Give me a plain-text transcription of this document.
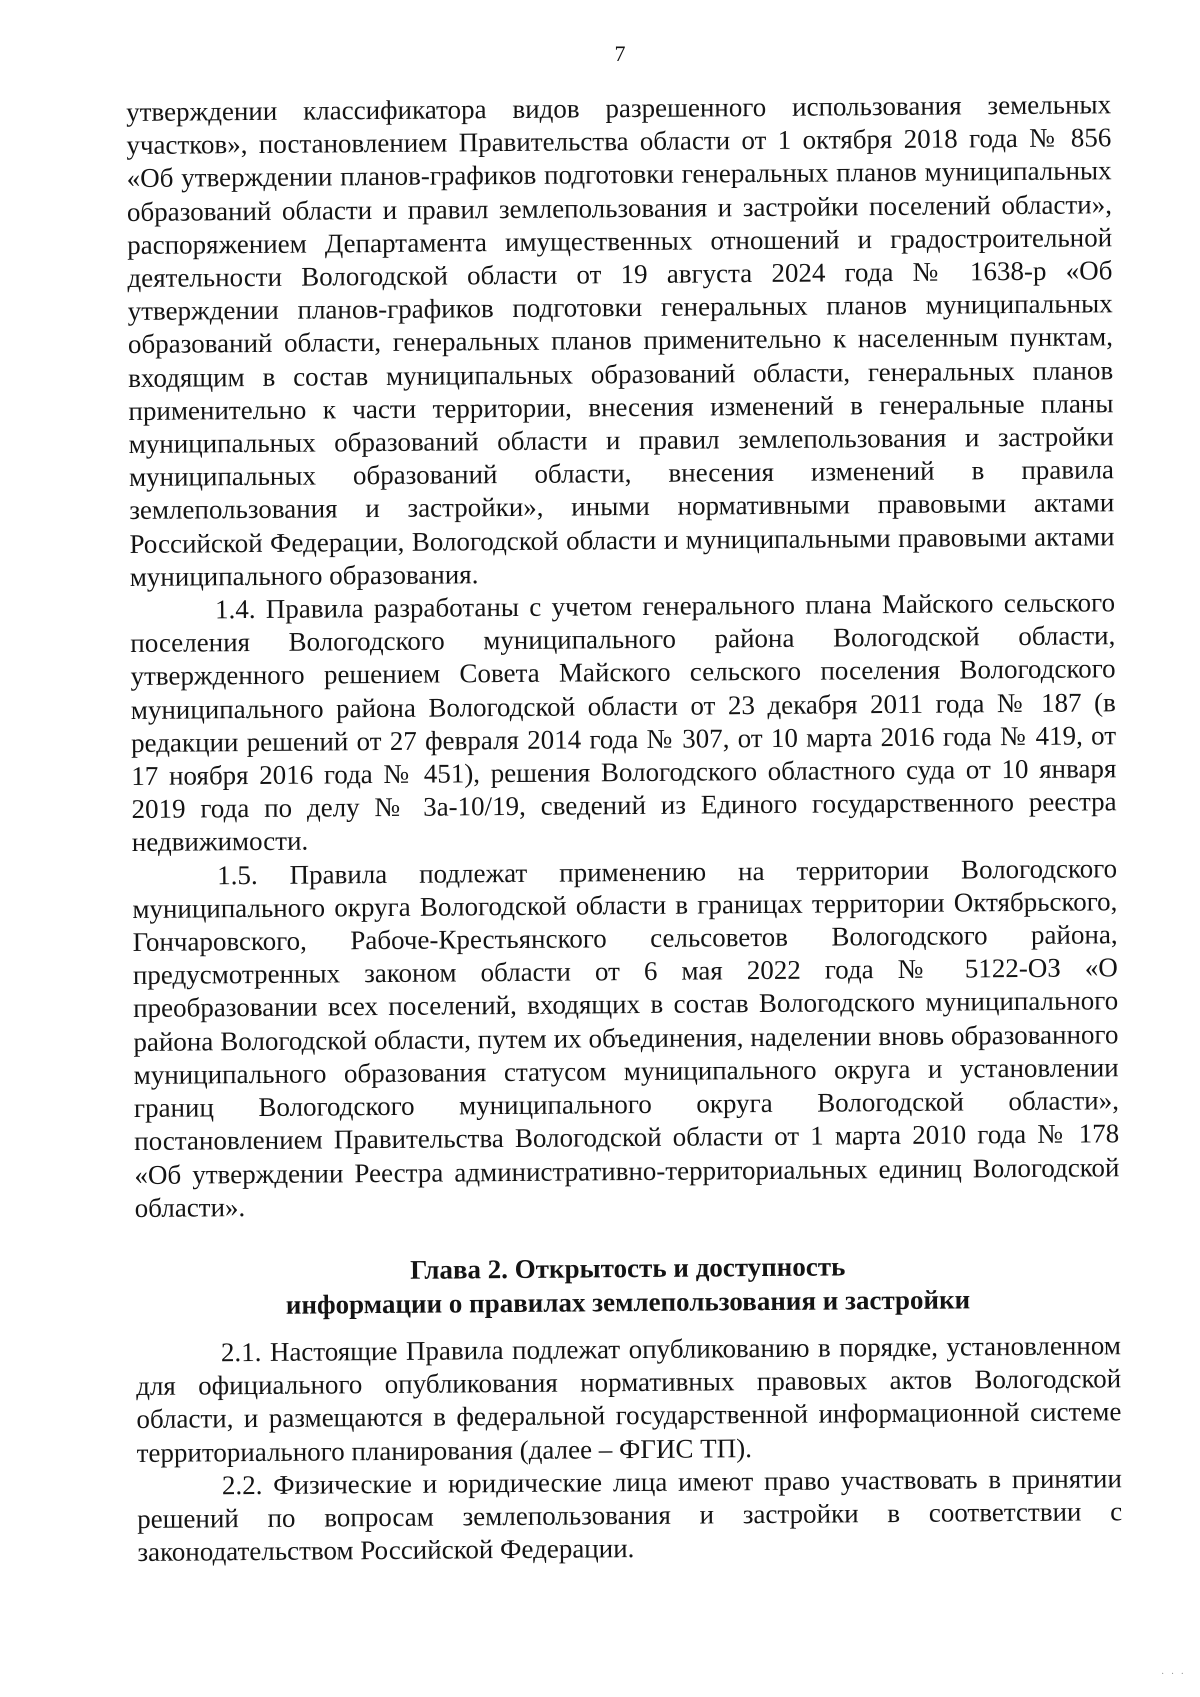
7

утверждении классификатора видов разрешенного использования земельных участков», постановлением Правительства области от 1 октября 2018 года № 856 «Об утверждении планов-графиков подготовки генеральных планов муниципальных образований области и правил землепользования и застройки поселений области», распоряжением Департамента имущественных отношений и градостроительной деятельности Вологодской области от 19 августа 2024 года № 1638-р «Об утверждении планов-графиков подготовки генеральных планов муниципальных образований области, генеральных планов применительно к населенным пунктам, входящим в состав муниципальных образований области, генеральных планов применительно к части территории, внесения изменений в генеральные планы муниципальных образований области и правил землепользования и застройки муниципальных образований области, внесения изменений в правила землепользования и застройки», иными нормативными правовыми актами Российской Федерации, Вологодской области и муниципальными правовыми актами муниципального образования.

1.4. Правила разработаны с учетом генерального плана Майского сельского поселения Вологодского муниципального района Вологодской области, утвержденного решением Совета Майского сельского поселения Вологодского муниципального района Вологодской области от 23 декабря 2011 года № 187 (в редакции решений от 27 февраля 2014 года № 307, от 10 марта 2016 года № 419, от 17 ноября 2016 года № 451), решения Вологодского областного суда от 10 января 2019 года по делу № 3а-10/19, сведений из Единого государственного реестра недвижимости.

1.5. Правила подлежат применению на территории Вологодского муниципального округа Вологодской области в границах территории Октябрьского, Гончаровского, Рабоче-Крестьянского сельсоветов Вологодского района, предусмотренных законом области от 6 мая 2022 года № 5122-ОЗ «О преобразовании всех поселений, входящих в состав Вологодского муниципального района Вологодской области, путем их объединения, наделении вновь образованного муниципального образования статусом муниципального округа и установлении границ Вологодского муниципального округа Вологодской области», постановлением Правительства Вологодской области от 1 марта 2010 года № 178 «Об утверждении Реестра административно-территориальных единиц Вологодской области».

Глава 2. Открытость и доступность
информации о правилах землепользования и застройки

2.1. Настоящие Правила подлежат опубликованию в порядке, установленном для официального опубликования нормативных правовых актов Вологодской области, и размещаются в федеральной государственной информационной системе территориального планирования (далее – ФГИС ТП).

2.2. Физические и юридические лица имеют право участвовать в принятии решений по вопросам землепользования и застройки в соответствии с законодательством Российской Федерации.

· · ·
